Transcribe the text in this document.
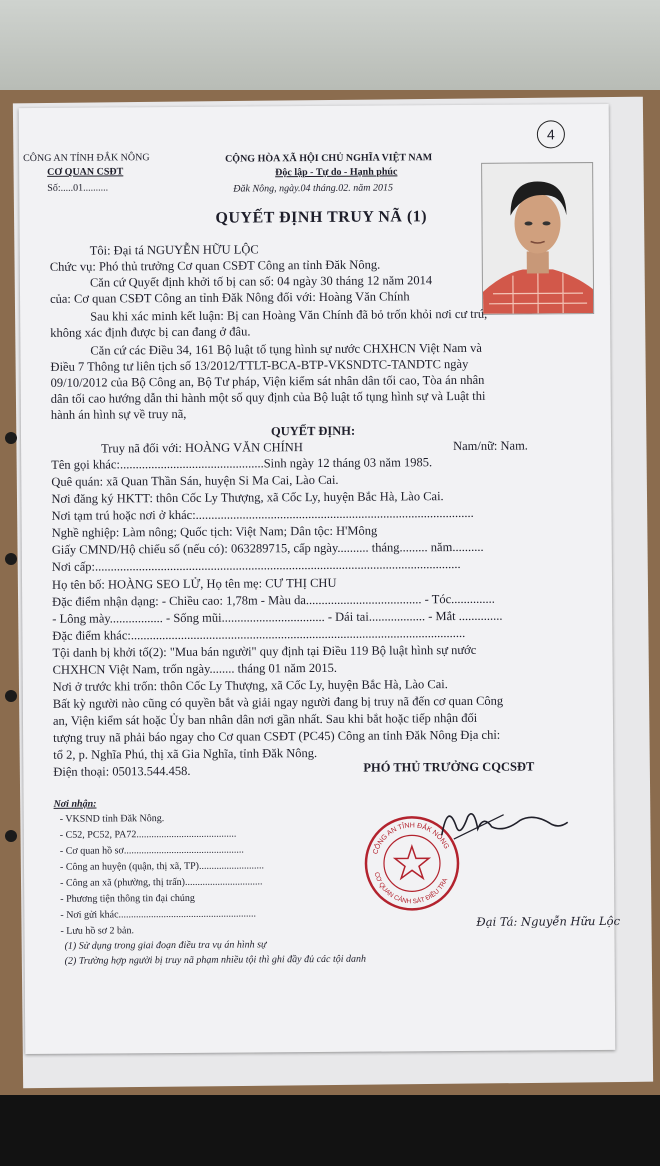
4
CÔNG AN TỈNH ĐẮK NÔNG
CƠ QUAN CSĐT
Số:.....01..........
CỘNG HÒA XÃ HỘI CHỦ NGHĨA VIỆT NAM
Độc lập - Tự do - Hạnh phúc
Đăk Nông, ngày.04 tháng.02. năm 2015
QUYẾT ĐỊNH TRUY NÃ (1)
Tôi: Đại tá NGUYỄN HỮU LỘC
Chức vụ: Phó thủ trưởng Cơ quan CSĐT Công an tỉnh Đăk Nông.
Căn cứ Quyết định khởi tố bị can số: 04 ngày 30 tháng 12 năm 2014
của: Cơ quan CSĐT Công an tỉnh Đăk Nông đối với: Hoàng Văn Chính
Sau khi xác minh kết luận: Bị can Hoàng Văn Chính đã bỏ trốn khỏi nơi cư trú,
không xác định được bị can đang ở đâu.
Căn cứ các Điều 34, 161 Bộ luật tố tụng hình sự nước CHXHCN Việt Nam và
Điều 7 Thông tư liên tịch số 13/2012/TTLT-BCA-BTP-VKSNDTC-TANDTC ngày
09/10/2012 của Bộ Công an, Bộ Tư pháp, Viện kiểm sát nhân dân tối cao, Tòa án nhân
dân tối cao hướng dẫn thi hành một số quy định của Bộ luật tố tụng hình sự và Luật thi
hành án hình sự về truy nã,
QUYẾT ĐỊNH:
Truy nã đối với: HOÀNG VĂN CHÍNH	Nam/nữ: Nam.
Tên gọi khác:..............................................Sinh ngày 12 tháng 03 năm 1985.
Quê quán: xã Quan Thần Sán, huyện Si Ma Cai, Lào Cai.
Nơi đăng ký HKTT: thôn Cốc Ly Thượng, xã Cốc Ly, huyện Bắc Hà, Lào Cai.
Nơi tạm trú hoặc nơi ở khác:.........................................................................................
Nghề nghiệp: Làm nông; Quốc tịch: Việt Nam; Dân tộc: H'Mông
Giấy CMND/Hộ chiếu số (nếu có): 063289715, cấp ngày.......... tháng......... năm..........
Nơi cấp:.....................................................................................................................
Họ tên bố: HOÀNG SEO LỬ, Họ tên mẹ: CƯ THỊ CHU
Đặc điểm nhận dạng: - Chiều cao: 1,78m - Màu da..................................... - Tóc..............
- Lông mày................. - Sống mũi................................. - Dái tai.................. - Mắt ..............
Đặc điểm khác:...........................................................................................................
Tội danh bị khởi tố(2): "Mua bán người" quy định tại Điều 119 Bộ luật hình sự nước
CHXHCN Việt Nam, trốn ngày........ tháng 01 năm 2015.
Nơi ở trước khi trốn: thôn Cốc Ly Thượng, xã Cốc Ly, huyện Bắc Hà, Lào Cai.
Bất kỳ người nào cũng có quyền bắt và giải ngay người đang bị truy nã đến cơ quan Công
an, Viện kiểm sát hoặc Ủy ban nhân dân nơi gần nhất. Sau khi bắt hoặc tiếp nhận đối
tượng truy nã phải báo ngay cho Cơ quan CSĐT (PC45) Công an tỉnh Đăk Nông Địa chỉ:
tổ 2, p. Nghĩa Phú, thị xã Gia Nghĩa, tỉnh Đăk Nông.
Điện thoại: 05013.544.458.	PHÓ THỦ TRƯỞNG CQCSĐT
Nơi nhận:
- VKSND tỉnh Đăk Nông.
- C52, PC52, PA72........................................
- Cơ quan hồ sơ................................................
- Công an huyện (quận, thị xã, TP)..........................
- Công an xã (phường, thị trấn)...............................
- Phương tiện thông tin đại chúng
- Nơi gửi khác.......................................................
- Lưu hồ sơ 2 bản.
(1) Sử dụng trong giai đoạn điều tra vụ án hình sự
(2) Trường hợp người bị truy nã phạm nhiều tội thì ghi đầy đủ các tội danh
CÔNG AN TỈNH ĐẮK NÔNG
CƠ QUAN CẢNH SÁT ĐIỀU TRA
Đại Tá: Nguyễn Hữu Lộc
